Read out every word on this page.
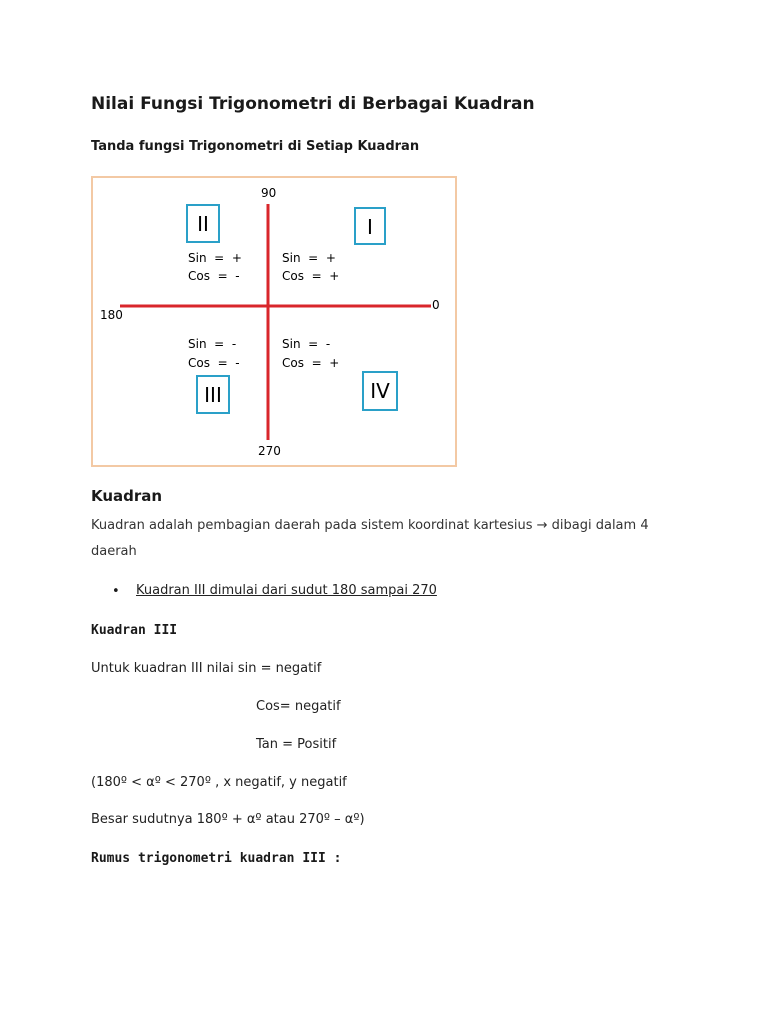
Nilai Fungsi Trigonometri di Berbagai Kuadran
Tanda fungsi Trigonometri di Setiap Kuadran
90
0
180
270
II
Sin  =  +
Cos  =  -
I
Sin  =  +
Cos  =  +
Sin  =  -
Cos  =  -
III
Sin  =  -
Cos  =  +
IV
Kuadran
Kuadran adalah pembagian daerah pada sistem koordinat kartesius → dibagi dalam 4 daerah
• Kuadran III dimulai dari sudut 180 sampai 270
Kuadran III
Untuk kuadran III nilai sin = negatif
Cos= negatif
Tan = Positif
(180º < αº < 270º , x negatif, y negatif
Besar sudutnya 180º + αº atau 270º – αº)
Rumus trigonometri kuadran III :
